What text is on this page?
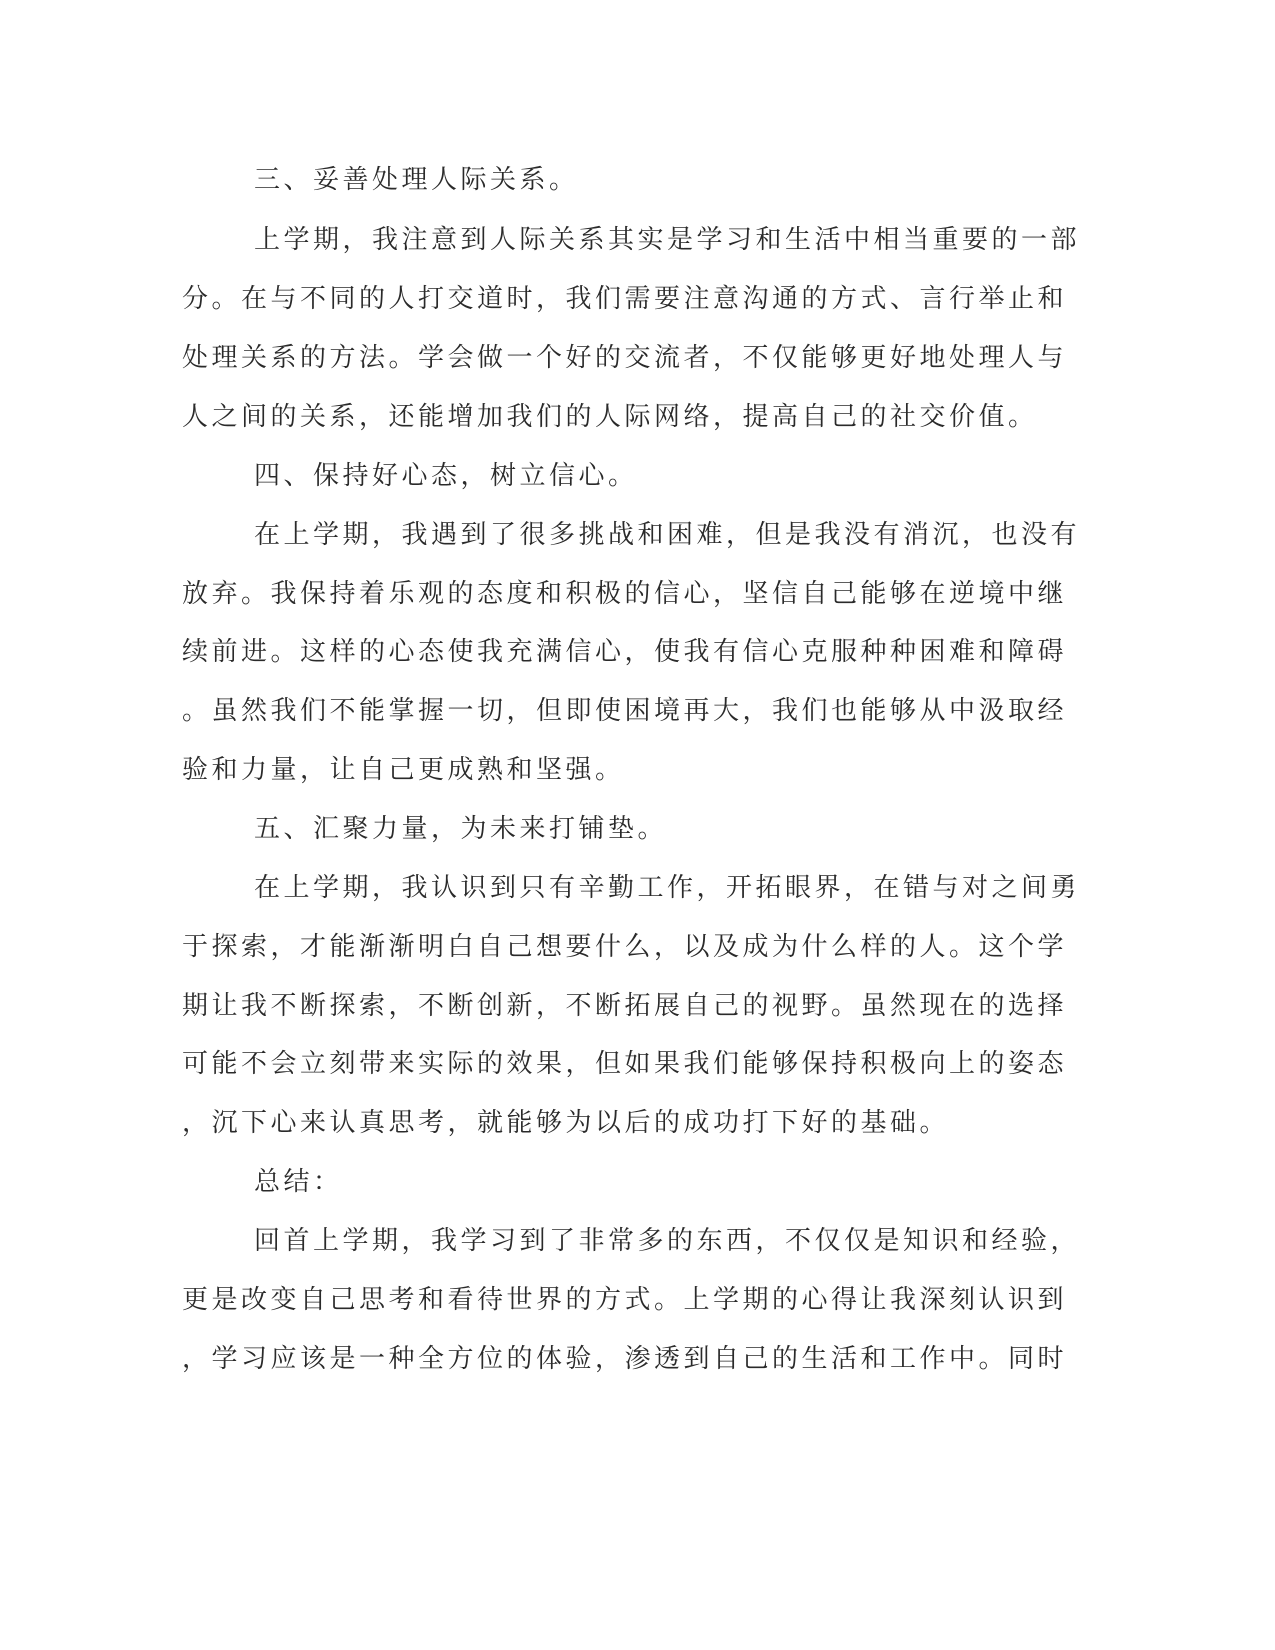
三、妥善处理人际关系。
上学期，我注意到人际关系其实是学习和生活中相当重要的一部
分。在与不同的人打交道时，我们需要注意沟通的方式、言行举止和
处理关系的方法。学会做一个好的交流者，不仅能够更好地处理人与
人之间的关系，还能增加我们的人际网络，提高自己的社交价值。
四、保持好心态，树立信心。
在上学期，我遇到了很多挑战和困难，但是我没有消沉，也没有
放弃。我保持着乐观的态度和积极的信心，坚信自己能够在逆境中继
续前进。这样的心态使我充满信心，使我有信心克服种种困难和障碍
。虽然我们不能掌握一切，但即使困境再大，我们也能够从中汲取经
验和力量，让自己更成熟和坚强。
五、汇聚力量，为未来打铺垫。
在上学期，我认识到只有辛勤工作，开拓眼界，在错与对之间勇
于探索，才能渐渐明白自己想要什么，以及成为什么样的人。这个学
期让我不断探索，不断创新，不断拓展自己的视野。虽然现在的选择
可能不会立刻带来实际的效果，但如果我们能够保持积极向上的姿态
，沉下心来认真思考，就能够为以后的成功打下好的基础。
总结：
回首上学期，我学习到了非常多的东西，不仅仅是知识和经验，
更是改变自己思考和看待世界的方式。上学期的心得让我深刻认识到
，学习应该是一种全方位的体验，渗透到自己的生活和工作中。同时
